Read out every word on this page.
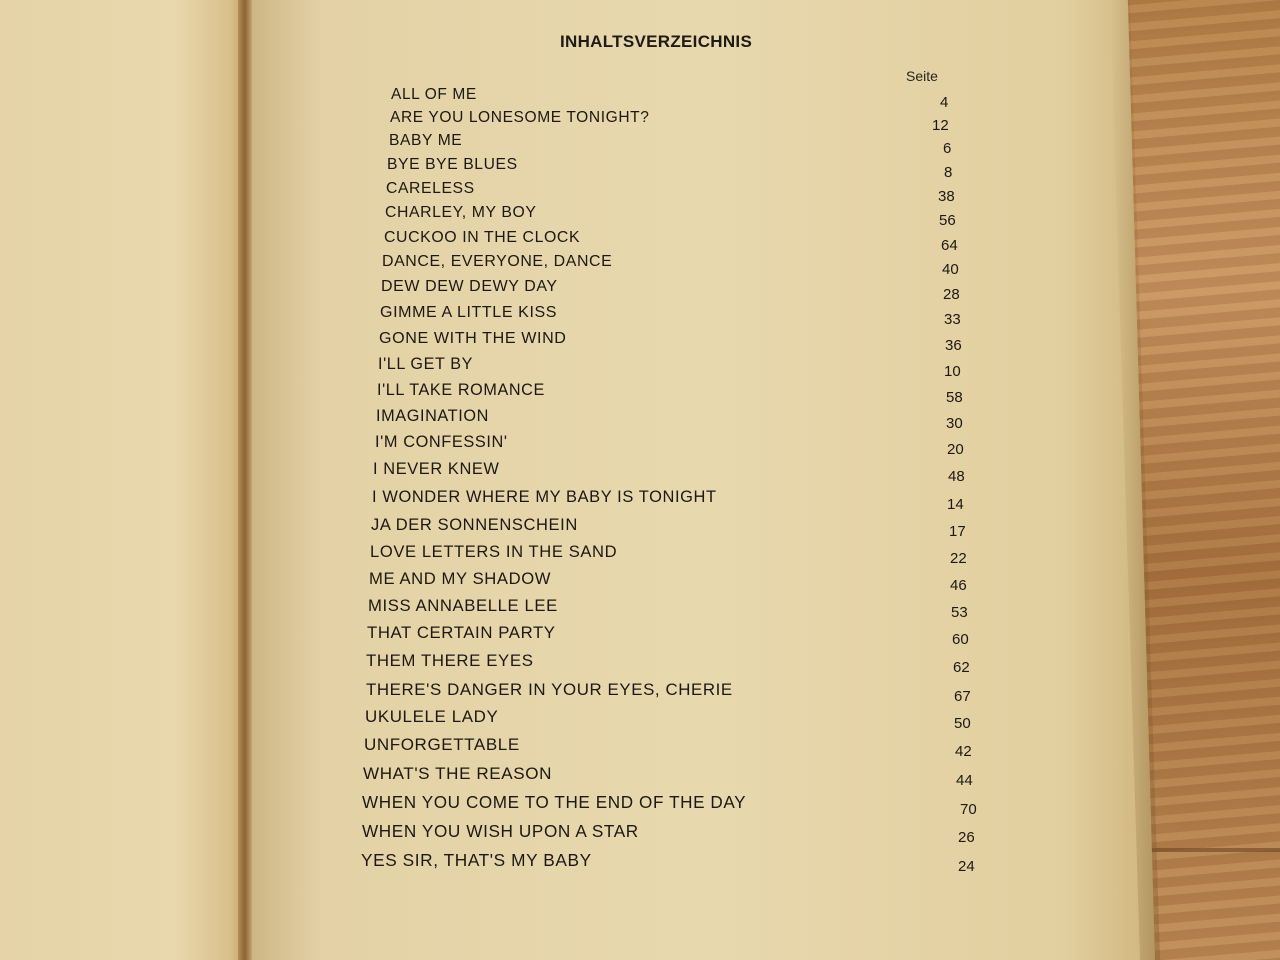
INHALTSVERZEICHNIS
Seite
ALL OF ME	4
ARE YOU LONESOME TONIGHT?	12
BABY ME	6
BYE BYE BLUES	8
CARELESS	38
CHARLEY, MY BOY	56
CUCKOO IN THE CLOCK	64
DANCE, EVERYONE, DANCE	40
DEW DEW DEWY DAY	28
GIMME A LITTLE KISS	33
GONE WITH THE WIND	36
I'LL GET BY	10
I'LL TAKE ROMANCE	58
IMAGINATION	30
I'M CONFESSIN'	20
I NEVER KNEW	48
I WONDER WHERE MY BABY IS TONIGHT	14
JA DER SONNENSCHEIN	17
LOVE LETTERS IN THE SAND	22
ME AND MY SHADOW	46
MISS ANNABELLE LEE	53
THAT CERTAIN PARTY	60
THEM THERE EYES	62
THERE'S DANGER IN YOUR EYES, CHERIE	67
UKULELE LADY	50
UNFORGETTABLE	42
WHAT'S THE REASON	44
WHEN YOU COME TO THE END OF THE DAY	70
WHEN YOU WISH UPON A STAR	26
YES SIR, THAT'S MY BABY	24
